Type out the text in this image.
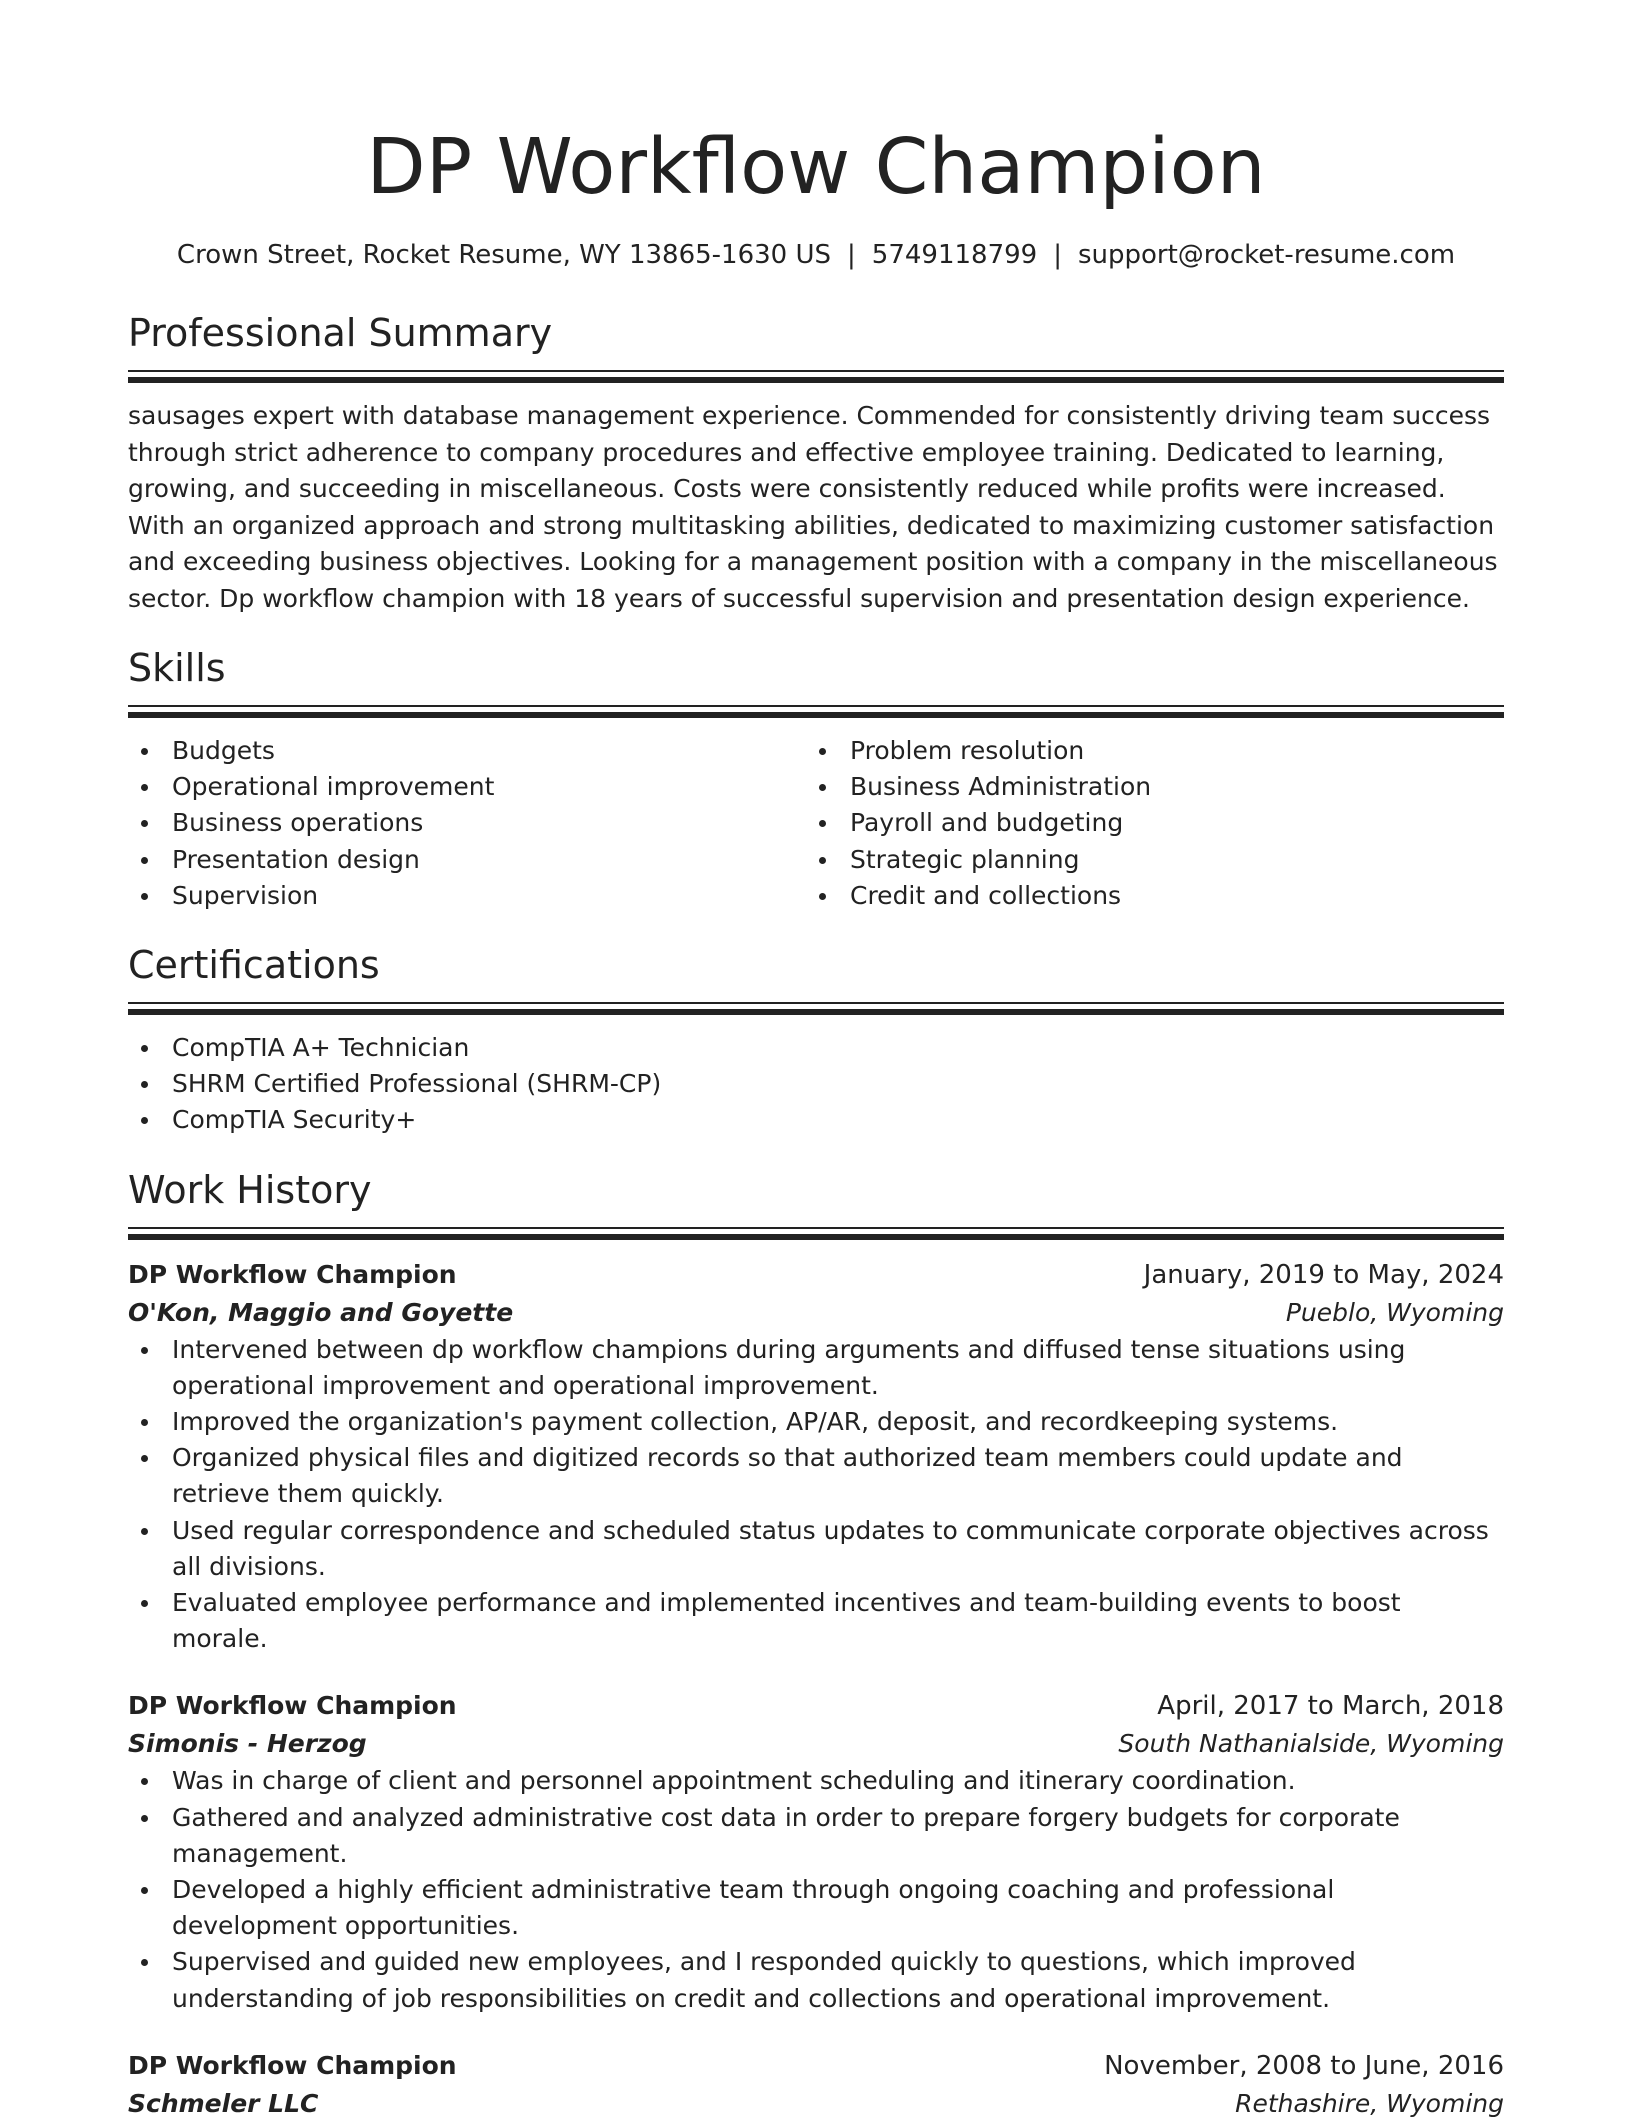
DP Workflow Champion
Crown Street, Rocket Resume, WY 13865-1630 US | 5749118799 | support@rocket-resume.com
Professional Summary
sausages expert with database management experience. Commended for consistently driving team success through strict adherence to company procedures and effective employee training. Dedicated to learning, growing, and succeeding in miscellaneous. Costs were consistently reduced while profits were increased. With an organized approach and strong multitasking abilities, dedicated to maximizing customer satisfaction and exceeding business objectives. Looking for a management position with a company in the miscellaneous sector. Dp workflow champion with 18 years of successful supervision and presentation design experience.
Skills
Budgets
Operational improvement
Business operations
Presentation design
Supervision
Problem resolution
Business Administration
Payroll and budgeting
Strategic planning
Credit and collections
Certifications
CompTIA A+ Technician
SHRM Certified Professional (SHRM-CP)
CompTIA Security+
Work History
DP Workflow Champion	January, 2019 to May, 2024
O'Kon, Maggio and Goyette	Pueblo, Wyoming
Intervened between dp workflow champions during arguments and diffused tense situations using operational improvement and operational improvement.
Improved the organization's payment collection, AP/AR, deposit, and recordkeeping systems.
Organized physical files and digitized records so that authorized team members could update and retrieve them quickly.
Used regular correspondence and scheduled status updates to communicate corporate objectives across all divisions.
Evaluated employee performance and implemented incentives and team-building events to boost morale.
DP Workflow Champion	April, 2017 to March, 2018
Simonis - Herzog	South Nathanialside, Wyoming
Was in charge of client and personnel appointment scheduling and itinerary coordination.
Gathered and analyzed administrative cost data in order to prepare forgery budgets for corporate management.
Developed a highly efficient administrative team through ongoing coaching and professional development opportunities.
Supervised and guided new employees, and I responded quickly to questions, which improved understanding of job responsibilities on credit and collections and operational improvement.
DP Workflow Champion	November, 2008 to June, 2016
Schmeler LLC	Rethashire, Wyoming
